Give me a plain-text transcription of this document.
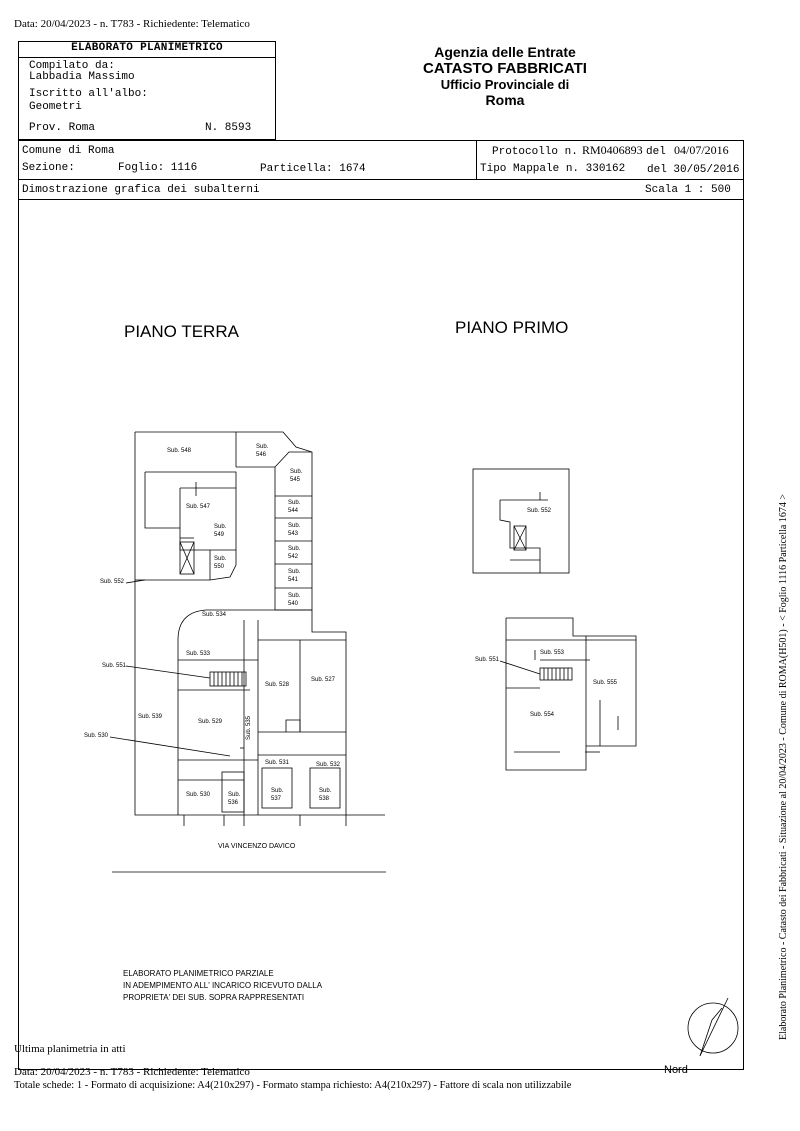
Data: 20/04/2023 - n. T783 - Richiedente: Telematico
ELABORATO PLANIMETRICO
Compilato da:
Labbadia Massimo
Iscritto all'albo:
Geometri
Prov. Roma	N. 8593
Agenzia delle Entrate
CATASTO FABBRICATI
Ufficio Provinciale di
Roma
Comune di Roma
Sezione:	Foglio: 1116	Particella: 1674
Protocollo n. RM0406893 del 04/07/2016
Tipo Mappale n. 330162 del 30/05/2016
Dimostrazione grafica dei subalterni	Scala 1 : 500
PIANO TERRA	PIANO PRIMO
Sub. 548
Sub.
546
Sub.
545
Sub.
544
Sub.
543
Sub.
542
Sub.
541
Sub.
540
Sub. 547
Sub.
549
Sub.
550
Sub. 552
Sub. 534
Sub. 533
Sub. 551
Sub. 528
Sub. 527
Sub. 539
Sub. 529
Sub. 530	Sub. 535
Sub. 531	Sub. 532
Sub. 530	Sub.
536
Sub.
537
Sub.
538
VIA VINCENZO DAVICO
Sub. 552
Sub. 551
Sub. 553
Sub. 555
Sub. 554
ELABORATO PLANIMETRICO PARZIALE
IN ADEMPIMENTO ALL' INCARICO RICEVUTO DALLA
PROPRIETA' DEI SUB. SOPRA RAPPRESENTATI
Nord
Elaborato Planimetrico - Catasto dei Fabbricati - Situazione al 20/04/2023 - Comune di ROMA(H501) - < Foglio 1116 Particella 1674 >
Ultima planimetria in atti
Data: 20/04/2023 - n. T783 - Richiedente: Telematico
Totale schede: 1 - Formato di acquisizione: A4(210x297) - Formato stampa richiesto: A4(210x297) - Fattore di scala non utilizzabile
